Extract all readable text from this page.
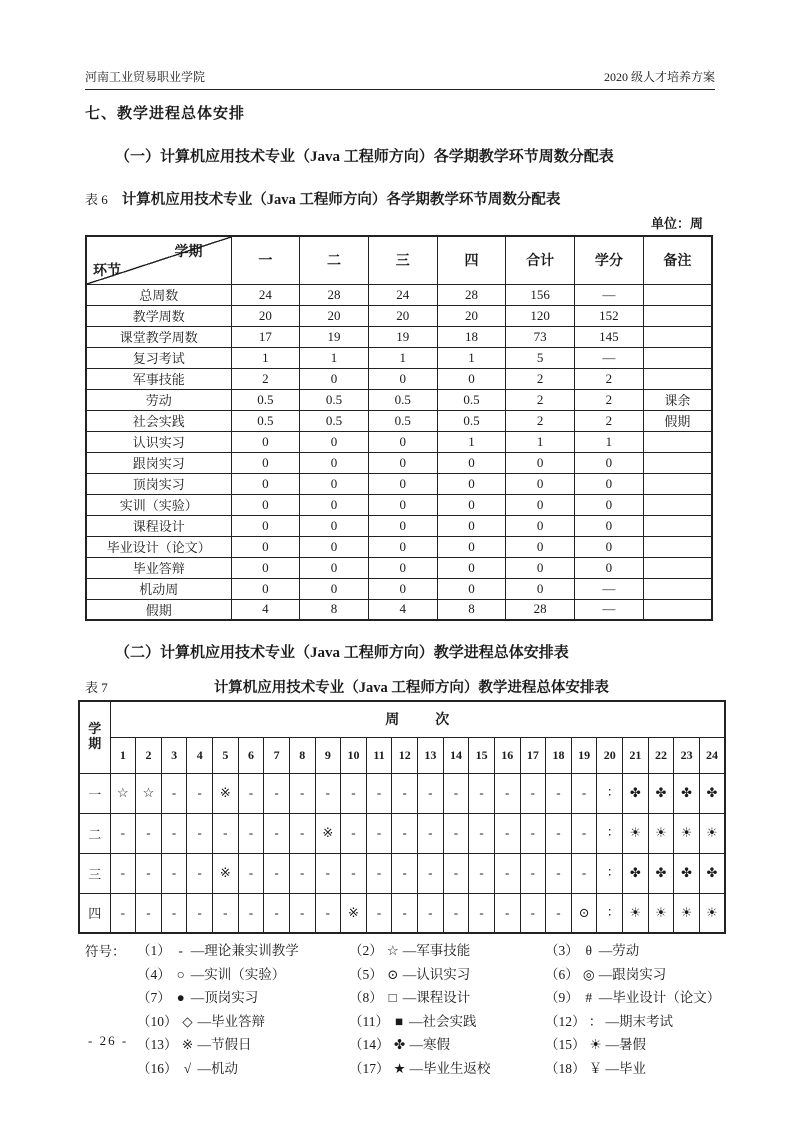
河南工业贸易职业学院	2020 级人才培养方案
七、教学进程总体安排
（一）计算机应用技术专业（Java 工程师方向）各学期教学环节周数分配表
表 6 计算机应用技术专业（Java 工程师方向）各学期教学环节周数分配表
单位：周
学期
环节	一	二	三	四	合计	学分	备注
总周数	24	28	24	28	156	—	
教学周数	20	20	20	20	120	152	
课堂教学周数	17	19	19	18	73	145	
复习考试	1	1	1	1	5	—	
军事技能	2	0	0	0	2	2	
劳动	0.5	0.5	0.5	0.5	2	2	课余
社会实践	0.5	0.5	0.5	0.5	2	2	假期
认识实习	0	0	0	1	1	1	
跟岗实习	0	0	0	0	0	0	
顶岗实习	0	0	0	0	0	0	
实训（实验）	0	0	0	0	0	0	
课程设计	0	0	0	0	0	0	
毕业设计（论文）	0	0	0	0	0	0	
毕业答辩	0	0	0	0	0	0	
机动周	0	0	0	0	0	—	
假期	4	8	4	8	28	—	
（二）计算机应用技术专业（Java 工程师方向）教学进程总体安排表
表 7	计算机应用技术专业（Java 工程师方向）教学进程总体安排表
学
期	周次																							
	1	2	3	4	5	6	7	8	9	10	11	12	13	14	15	16	17	18	19	20	21	22	23	24
一	☆	☆	-	-	※	-	-	-	-	-	-	-	-	-	-	-	-	-	-	∶	✤	✤	✤	✤
二	-	-	-	-	-	-	-	-	※	-	-	-	-	-	-	-	-	-	-	∶	☀	☀	☀	☀
三	-	-	-	-	※	-	-	-	-	-	-	-	-	-	-	-	-	-	-	∶	✤	✤	✤	✤
四	-	-	-	-	-	-	-	-	-	※	-	-	-	-	-	-	-	-	⊙	∶	☀	☀	☀	☀
符号： （1） - —理论兼实训教学	（2） ☆ —军事技能	（3） θ —劳动
（4） ○ —实训（实验）	（5） ⊙ —认识实习	（6） ◎ —跟岗实习
（7） ● —顶岗实习	（8） □ —课程设计	（9） # —毕业设计（论文）
（10） ◇ —毕业答辩	（11） ■ —社会实践	（12） ： —期末考试
（13） ※ —节假日	（14） ✤ —寒假	（15） ☀ —暑假
（16） √ —机动	（17） ★ —毕业生返校	（18） ￥ —毕业
- 26 -
